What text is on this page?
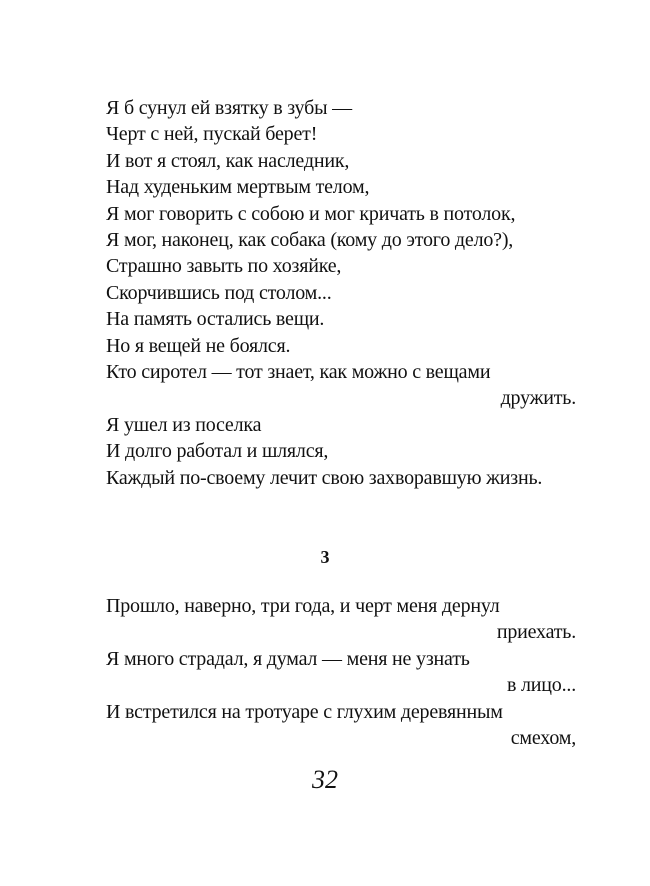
Я б сунул ей взятку в зубы —
Черт с ней, пускай берет!
И вот я стоял, как наследник,
Над худеньким мертвым телом,
Я мог говорить с собою и мог кричать в потолок,
Я мог, наконец, как собака (кому до этого дело?),
Страшно завыть по хозяйке,
Скорчившись под столом...
На память остались вещи.
Но я вещей не боялся.
Кто сиротел — тот знает, как можно с вещами
дружить.
Я ушел из поселка
И долго работал и шлялся,
Каждый по-своему лечит свою захворавшую жизнь.
3
Прошло, наверно, три года, и черт меня дернул
приехать.
Я много страдал, я думал — меня не узнать
в лицо...
И встретился на тротуаре с глухим деревянным
смехом,
32
